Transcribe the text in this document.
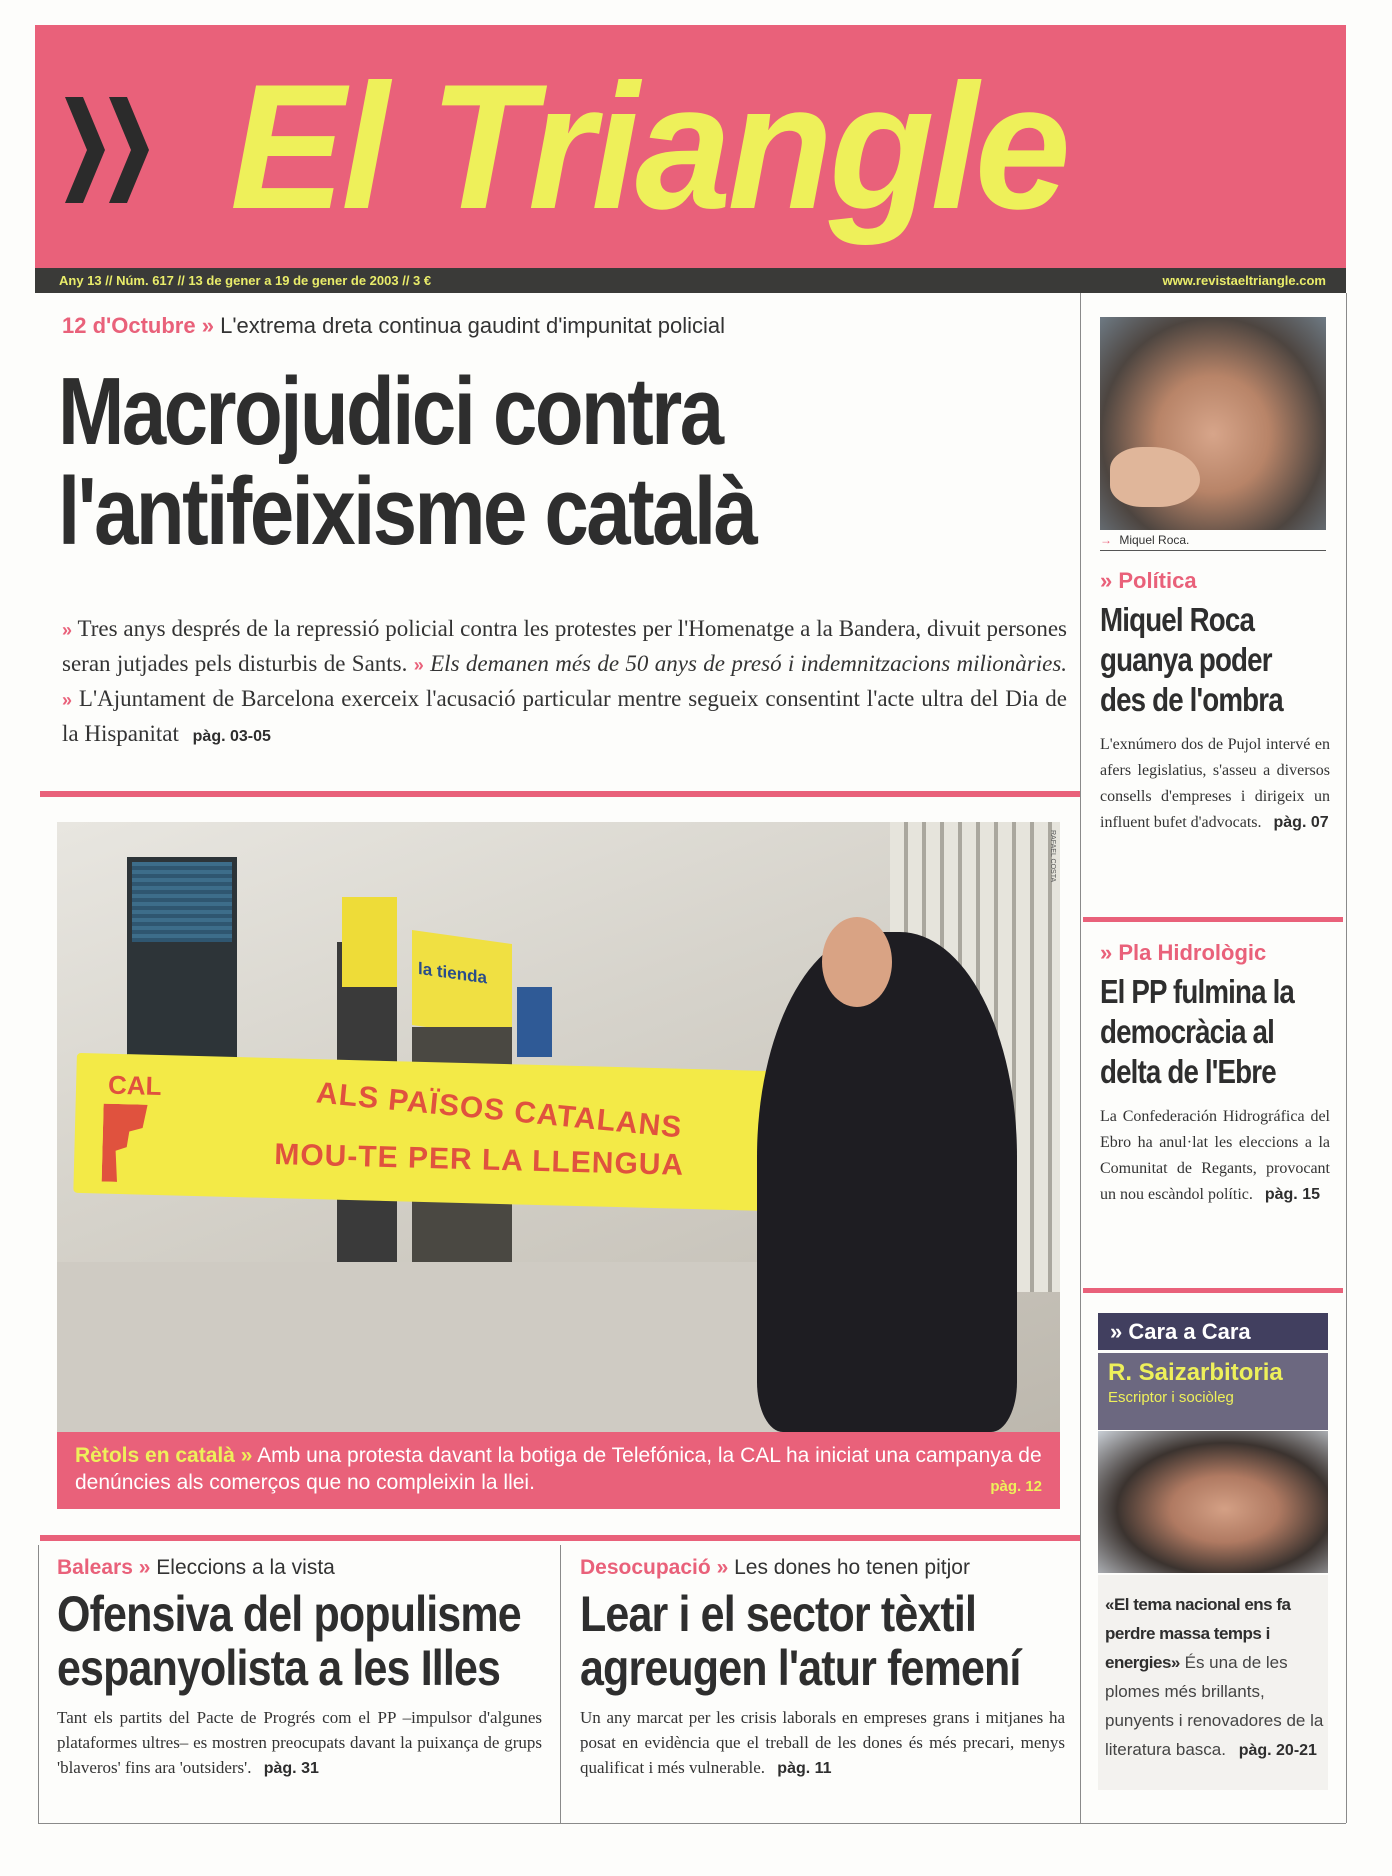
El Triangle
Any 13 // Núm. 617 // 13 de gener a 19 de gener de 2003 // 3 €	www.revistaeltriangle.com
12 d'Octubre » L'extrema dreta continua gaudint d'impunitat policial
Macrojudici contra
l'antifeixisme català
» Tres anys després de la repressió policial contra les protestes per l'Homenatge a la Bandera, divuit persones seran jutjades pels disturbis de Sants. » Els demanen més de 50 anys de presó i indemnitzacions milionàries. » L'Ajuntament de Barcelona exerceix l'acusació particular mentre segueix consentint l'acte ultra del Dia de la Hispanitat pàg. 03-05
la tienda
CAL	ALS PAÏSOS CATALANS
MOU-TE PER LA LLENGUA
RAFAEL COSTA
Rètols en català » Amb una protesta davant la botiga de Telefónica, la CAL ha iniciat una campanya de denúncies als comerços que no compleixin la llei.	pàg. 12
Balears » Eleccions a la vista
Ofensiva del populisme
espanyolista a les Illes
Tant els partits del Pacte de Progrés com el PP –impulsor d'algunes plataformes ultres– es mostren preocupats davant la puixança de grups 'blaveros' fins ara 'outsiders'. pàg. 31
Desocupació » Les dones ho tenen pitjor
Lear i el sector tèxtil
agreugen l'atur femení
Un any marcat per les crisis laborals en empreses grans i mitjanes ha posat en evidència que el treball de les dones és més precari, menys qualificat i més vulnerable. pàg. 11
→ Miquel Roca.
» Política
Miquel Roca
guanya poder
des de l'ombra
L'exnúmero dos de Pujol intervé en afers legislatius, s'asseu a diversos consells d'empreses i dirigeix un influent bufet d'advocats. pàg. 07
» Pla Hidrològic
El PP fulmina la
democràcia al
delta de l'Ebre
La Confederación Hidrográfica del Ebro ha anul·lat les eleccions a la Comunitat de Regants, provocant un nou escàndol polític. pàg. 15
» Cara a Cara
R. Saizarbitoria
Escriptor i sociòleg
«El tema nacional ens fa perdre massa temps i energies» És una de les plomes més brillants, punyents i renovadores de la literatura basca. pàg. 20-21
